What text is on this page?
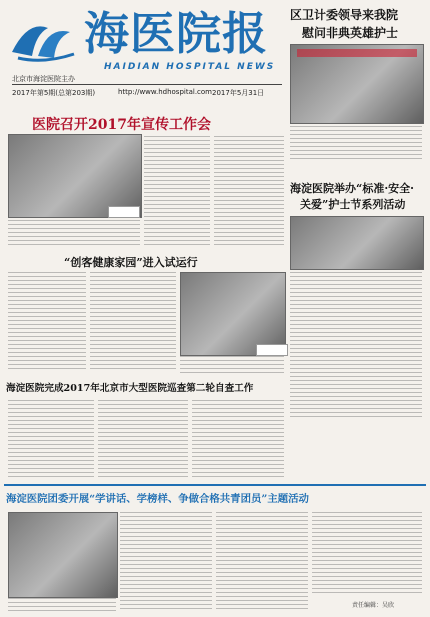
海医院报
HAIDIAN HOSPITAL NEWS
北京市海淀医院主办
2017年第5期(总第203期)	http://www.hdhospital.com 2017年5月31日
区卫计委领导来我院
慰问非典英雄护士
医院召开2017年宣传工作会
海淀医院举办“标准·安全·
关爱”护士节系列活动
“创客健康家园”进入试运行
海淀医院完成2017年北京市大型医院巡查第二轮自查工作
海淀医院团委开展“学讲话、学榜样、争做合格共青团员”主题活动
责任编辑：吴欣
